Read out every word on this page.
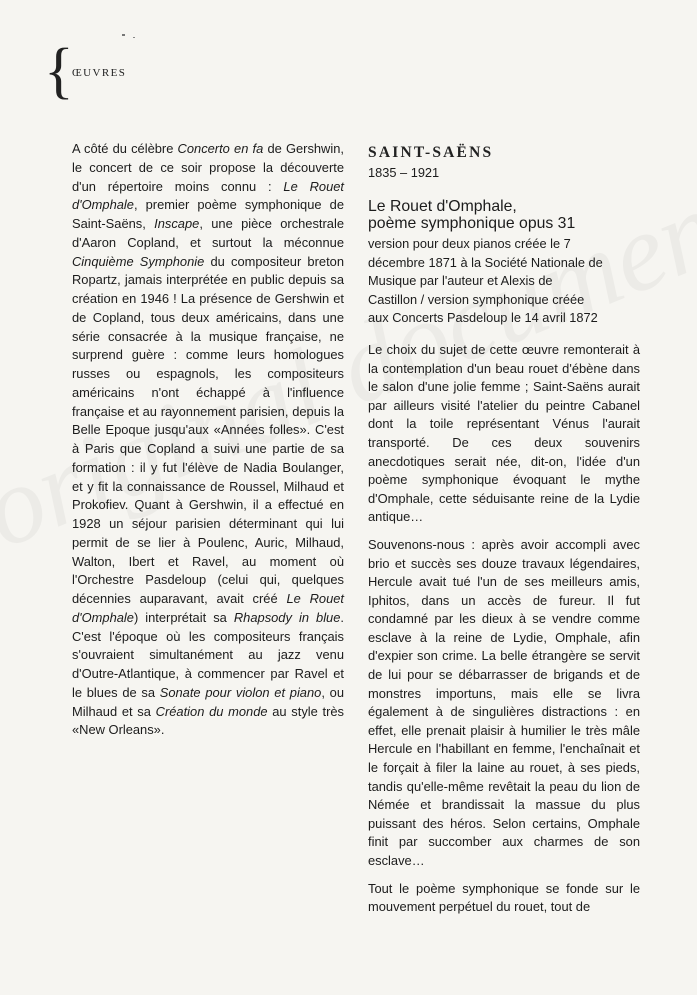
{
ŒUVRES

A côté du célèbre Concerto en fa de Gershwin, le concert de ce soir propose la découverte d'un répertoire moins connu : Le Rouet d'Omphale, premier poème symphonique de Saint-Saëns, Inscape, une pièce orchestrale d'Aaron Copland, et surtout la méconnue Cinquième Symphonie du compositeur breton Ropartz, jamais interprétée en public depuis sa création en 1946 ! La présence de Gershwin et de Copland, tous deux américains, dans une série consacrée à la musique française, ne surprend guère : comme leurs homologues russes ou espagnols, les compositeurs américains n'ont échappé à l'influence française et au rayonnement parisien, depuis la Belle Epoque jusqu'aux «Années folles». C'est à Paris que Copland a suivi une partie de sa formation : il y fut l'élève de Nadia Boulanger, et y fit la connaissance de Roussel, Milhaud et Prokofiev. Quant à Gershwin, il a effectué en 1928 un séjour parisien déterminant qui lui permit de se lier à Poulenc, Auric, Milhaud, Walton, Ibert et Ravel, au moment où l'Orchestre Pasdeloup (celui qui, quelques décennies auparavant, avait créé Le Rouet d'Omphale) interprétait sa Rhapsody in blue. C'est l'époque où les compositeurs français s'ouvraient simultanément au jazz venu d'Outre-Atlantique, à commencer par Ravel et le blues de sa Sonate pour violon et piano, ou Milhaud et sa Création du monde au style très «New Orleans».

SAINT-SAËNS

1835 – 1921

Le Rouet d'Omphale,
poème symphonique opus 31

version pour deux pianos créée le 7
décembre 1871 à la Société Nationale de
Musique par l'auteur et Alexis de
Castillon / version symphonique créée
aux Concerts Pasdeloup le 14 avril 1872

Le choix du sujet de cette œuvre remonterait à la contemplation d'un beau rouet d'ébène dans le salon d'une jolie femme ; Saint-Saëns aurait par ailleurs visité l'atelier du peintre Cabanel dont la toile représentant Vénus l'aurait transporté. De ces deux souvenirs anecdotiques serait née, dit-on, l'idée d'un poème symphonique évoquant le mythe d'Omphale, cette séduisante reine de la Lydie antique…

Souvenons-nous : après avoir accompli avec brio et succès ses douze travaux légendaires, Hercule avait tué l'un de ses meilleurs amis, Iphitos, dans un accès de fureur. Il fut condamné par les dieux à se vendre comme esclave à la reine de Lydie, Omphale, afin d'expier son crime. La belle étrangère se servit de lui pour se débarrasser de brigands et de monstres importuns, mais elle se livra également à de singulières distractions : en effet, elle prenait plaisir à humilier le très mâle Hercule en l'habillant en femme, l'enchaînait et le forçait à filer la laine au rouet, à ses pieds, tandis qu'elle-même revêtait la peau du lion de Némée et brandissait la massue du plus puissant des héros. Selon certains, Omphale finit par succomber aux charmes de son esclave…

Tout le poème symphonique se fonde sur le mouvement perpétuel du rouet, tout de
